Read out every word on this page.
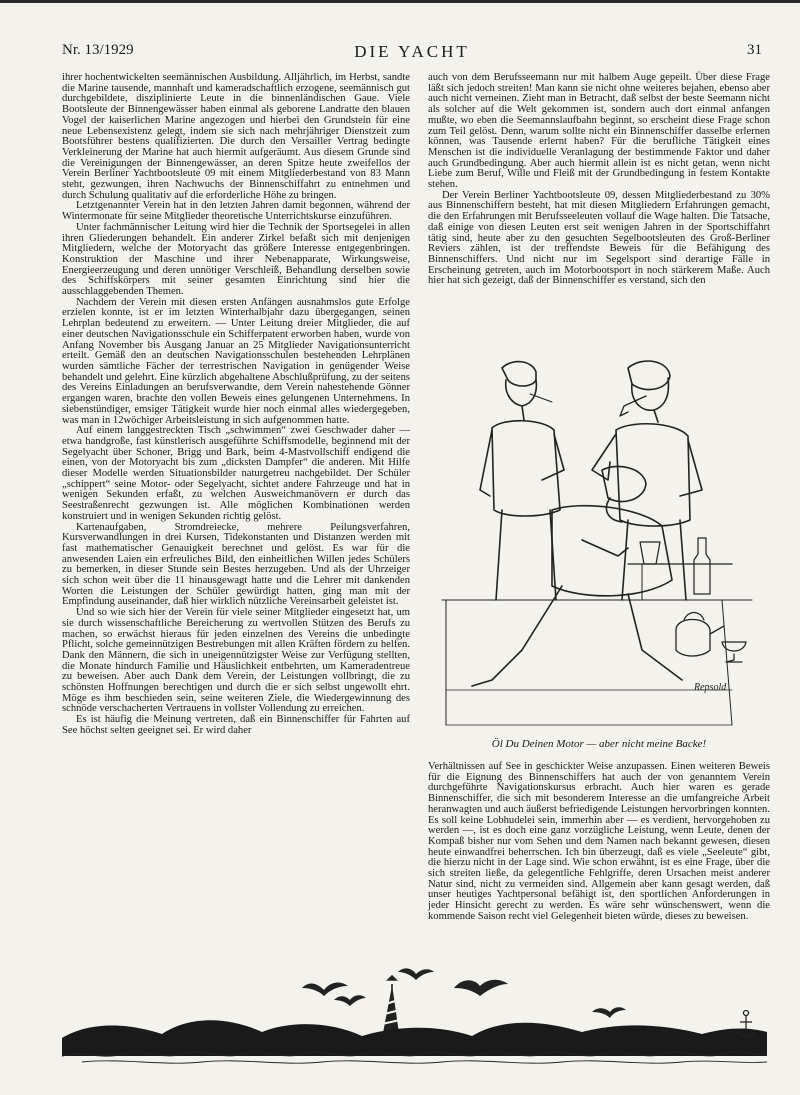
Nr. 13/1929	DIE YACHT	31

ihrer hochentwickelten seemännischen Ausbildung. Alljährlich, im Herbst, sandte die Marine tausende, mannhaft und kameradschaftlich erzogene, seemännisch gut durchgebildete, disziplinierte Leute in die binnenländischen Gaue. Viele Bootsleute der Binnengewässer haben einmal als geborene Landratte den blauen Vogel der kaiserlichen Marine angezogen und hierbei den Grundstein für eine neue Lebensexistenz gelegt, indem sie sich nach mehrjähriger Dienstzeit zum Bootsführer bestens qualifizierten. Die durch den Versailler Vertrag bedingte Verkleinerung der Marine hat auch hiermit aufgeräumt. Aus diesem Grunde sind die Vereinigungen der Binnengewässer, an deren Spitze heute zweifellos der Verein Berliner Yachtbootsleute 09 mit einem Mitgliederbestand von 83 Mann steht, gezwungen, ihren Nachwuchs der Binnenschiffahrt zu entnehmen und durch Schulung qualitativ auf die erforderliche Höhe zu bringen.

Letztgenannter Verein hat in den letzten Jahren damit begonnen, während der Wintermonate für seine Mitglieder theoretische Unterrichtskurse einzuführen.

Unter fachmännischer Leitung wird hier die Technik der Sportsegelei in allen ihren Gliederungen behandelt. Ein anderer Zirkel befaßt sich mit denjenigen Mitgliedern, welche der Motoryacht das größere Interesse entgegenbringen. Konstruktion der Maschine und ihrer Nebenapparate, Wirkungsweise, Energieerzeugung und deren unnötiger Verschleiß, Behandlung derselben sowie des Schiffskörpers mit seiner gesamten Einrichtung sind hier die ausschlaggebenden Themen.

Nachdem der Verein mit diesen ersten Anfängen ausnahmslos gute Erfolge erzielen konnte, ist er im letzten Winterhalbjahr dazu übergegangen, seinen Lehrplan bedeutend zu erweitern. — Unter Leitung dreier Mitglieder, die auf einer deutschen Navigationsschule ein Schifferpatent erworben haben, wurde von Anfang November bis Ausgang Januar an 25 Mitglieder Navigationsunterricht erteilt. Gemäß den an deutschen Navigationsschulen bestehenden Lehrplänen wurden sämtliche Fächer der terrestrischen Navigation in genügender Weise behandelt und gelehrt. Eine kürzlich abgehaltene Abschlußprüfung, zu der seitens des Vereins Einladungen an berufsverwandte, dem Verein nahestehende Gönner ergangen waren, brachte den vollen Beweis eines gelungenen Unternehmens. In siebenstündiger, emsiger Tätigkeit wurde hier noch einmal alles wiedergegeben, was man in 12wöchiger Arbeitsleistung in sich aufgenommen hatte.

Auf einem langgestreckten Tisch „schwimmen“ zwei Geschwader daher — etwa handgroße, fast künstlerisch ausgeführte Schiffsmodelle, beginnend mit der Segelyacht über Schoner, Brigg und Bark, beim 4-Mastvollschiff endigend die einen, von der Motoryacht bis zum „dicksten Dampfer“ die anderen. Mit Hilfe dieser Modelle werden Situationsbilder naturgetreu nachgebildet. Der Schüler „schippert“ seine Motor- oder Segelyacht, sichtet andere Fahrzeuge und hat in wenigen Sekunden erfaßt, zu welchen Ausweichmanövern er durch das Seestraßenrecht gezwungen ist. Alle möglichen Kombinationen werden konstruiert und in wenigen Sekunden richtig gelöst.

Kartenaufgaben, Stromdreiecke, mehrere Peilungsverfahren, Kursverwandlungen in drei Kursen, Tidekonstanten und Distanzen werden mit fast mathematischer Genauigkeit berechnet und gelöst. Es war für die anwesenden Laien ein erfreuliches Bild, den einheitlichen Willen jedes Schülers zu bemerken, in dieser Stunde sein Bestes herzugeben. Und als der Uhrzeiger sich schon weit über die 11 hinausgewagt hatte und die Lehrer mit dankenden Worten die Leistungen der Schüler gewürdigt hatten, ging man mit der Empfindung auseinander, daß hier wirklich nützliche Vereinsarbeit geleistet ist.

Und so wie sich hier der Verein für viele seiner Mitglieder eingesetzt hat, um sie durch wissenschaftliche Bereicherung zu wertvollen Stützen des Berufs zu machen, so erwächst hieraus für jeden einzelnen des Vereins die unbedingte Pflicht, solche gemeinnützigen Bestrebungen mit allen Kräften fördern zu helfen. Dank den Männern, die sich in uneigennützigster Weise zur Verfügung stellten, die Monate hindurch Familie und Häuslichkeit entbehrten, um Kameradentreue zu beweisen. Aber auch Dank dem Verein, der Leistungen vollbringt, die zu schönsten Hoffnungen berechtigen und durch die er sich selbst ungewollt ehrt. Möge es ihm beschieden sein, seine weiteren Ziele, die Wiedergewinnung des schnöde verschacherten Vertrauens in vollster Vollendung zu erreichen.

Es ist häufig die Meinung vertreten, daß ein Binnenschiffer für Fahrten auf See höchst selten geeignet sei. Er wird daher

auch von dem Berufsseemann nur mit halbem Auge gepeilt. Über diese Frage läßt sich jedoch streiten! Man kann sie nicht ohne weiteres bejahen, ebenso aber auch nicht verneinen. Zieht man in Betracht, daß selbst der beste Seemann nicht als solcher auf die Welt gekommen ist, sondern auch dort einmal anfangen mußte, wo eben die Seemannslaufbahn beginnt, so erscheint diese Frage schon zum Teil gelöst. Denn, warum sollte nicht ein Binnenschiffer dasselbe erlernen können, was Tausende erlernt haben? Für die berufliche Tätigkeit eines Menschen ist die individuelle Veranlagung der bestimmende Faktor und daher auch Grundbedingung. Aber auch hiermit allein ist es nicht getan, wenn nicht Liebe zum Beruf, Wille und Fleiß mit der Grundbedingung in festem Kontakte stehen.

Der Verein Berliner Yachtbootsleute 09, dessen Mitgliederbestand zu 30% aus Binnenschiffern besteht, hat mit diesen Mitgliedern Erfahrungen gemacht, die den Erfahrungen mit Berufsseeleuten vollauf die Wage halten. Die Tatsache, daß einige von diesen Leuten erst seit wenigen Jahren in der Sportschiffahrt tätig sind, heute aber zu den gesuchten Segelbootsleuten des Groß-Berliner Reviers zählen, ist der treffendste Beweis für die Befähigung des Binnenschiffers. Und nicht nur im Segelsport sind derartige Fälle in Erscheinung getreten, auch im Motorbootsport in noch stärkerem Maße. Auch hier hat sich gezeigt, daß der Binnenschiffer es verstand, sich den

Repsold
Öl Du Deinen Motor — aber nicht meine Backe!

Verhältnissen auf See in geschickter Weise anzupassen. Einen weiteren Beweis für die Eignung des Binnenschiffers hat auch der von genanntem Verein durchgeführte Navigationskursus erbracht. Auch hier waren es gerade Binnenschiffer, die sich mit besonderem Interesse an die umfangreiche Arbeit heranwagten und auch äußerst befriedigende Leistungen hervorbringen konnten. Es soll keine Lobhudelei sein, immerhin aber — es verdient, hervorgehoben zu werden —, ist es doch eine ganz vorzügliche Leistung, wenn Leute, denen der Kompaß bisher nur vom Sehen und dem Namen nach bekannt gewesen, diesen heute einwandfrei beherrschen. Ich bin überzeugt, daß es viele „Seeleute“ gibt, die hierzu nicht in der Lage sind. Wie schon erwähnt, ist es eine Frage, über die sich streiten ließe, da gelegentliche Fehlgriffe, deren Ursachen meist anderer Natur sind, nicht zu vermeiden sind. Allgemein aber kann gesagt werden, daß unser heutiges Yachtpersonal befähigt ist, den sportlichen Anforderungen in jeder Hinsicht gerecht zu werden. Es wäre sehr wünschenswert, wenn die kommende Saison recht viel Gelegenheit bieten würde, dieses zu beweisen.
